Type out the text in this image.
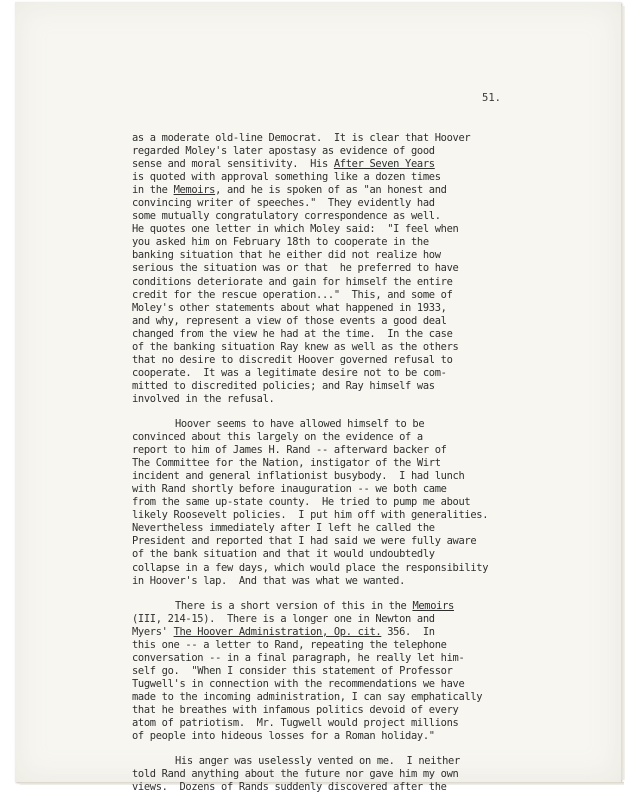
51.
as a moderate old-line Democrat.  It is clear that Hoover
regarded Moley's later apostasy as evidence of good
sense and moral sensitivity.  His After Seven Years
is quoted with approval something like a dozen times
in the Memoirs, and he is spoken of as "an honest and
convincing writer of speeches."  They evidently had
some mutually congratulatory correspondence as well.
He quotes one letter in which Moley said:  "I feel when
you asked him on February 18th to cooperate in the
banking situation that he either did not realize how
serious the situation was or that  he preferred to have
conditions deteriorate and gain for himself the entire
credit for the rescue operation..."  This, and some of
Moley's other statements about what happened in 1933,
and why, represent a view of those events a good deal
changed from the view he had at the time.  In the case
of the banking situation Ray knew as well as the others
that no desire to discredit Hoover governed refusal to
cooperate.  It was a legitimate desire not to be com-
mitted to discredited policies; and Ray himself was
involved in the refusal.
Hoover seems to have allowed himself to be
convinced about this largely on the evidence of a
report to him of James H. Rand -- afterward backer of
The Committee for the Nation, instigator of the Wirt
incident and general inflationist busybody.  I had lunch
with Rand shortly before inauguration -- we both came
from the same up-state county.  He tried to pump me about
likely Roosevelt policies.  I put him off with generalities.
Nevertheless immediately after I left he called the
President and reported that I had said we were fully aware
of the bank situation and that it would undoubtedly
collapse in a few days, which would place the responsibility
in Hoover's lap.  And that was what we wanted.
There is a short version of this in the Memoirs
(III, 214-15).  There is a longer one in Newton and
Myers' The Hoover Administration, Op. cit. 356.  In
this one -- a letter to Rand, repeating the telephone
conversation -- in a final paragraph, he really let him-
self go.  "When I consider this statement of Professor
Tugwell's in connection with the recommendations we have
made to the incoming administration, I can say emphatically
that he breathes with infamous politics devoid of every
atom of patriotism.  Mr. Tugwell would project millions
of people into hideous losses for a Roman holiday."
His anger was uselessly vented on me.  I neither
told Rand anything about the future nor gave him my own
views.  Dozens of Rands suddenly discovered after the
